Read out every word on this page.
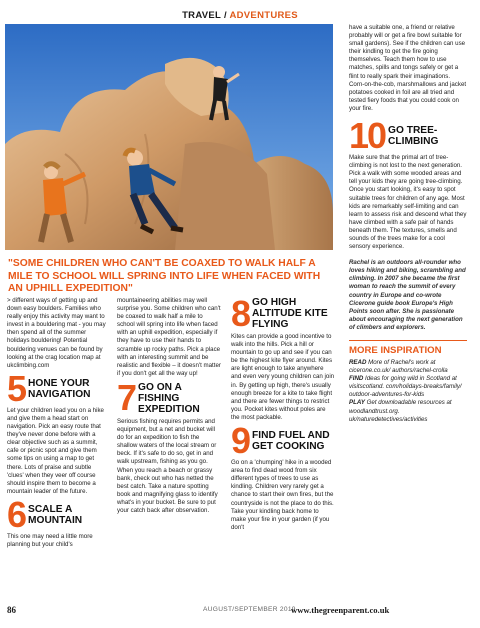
TRAVEL / ADVENTURES
"SOME CHILDREN WHO CAN'T BE COAXED TO WALK HALF A MILE TO SCHOOL WILL SPRING INTO LIFE WHEN FACED WITH AN UPHILL EXPEDITION"

> different ways of getting up and down easy boulders. Families who really enjoy this activity may want to invest in a bouldering mat - you may then spend all of the summer holidays bouldering! Potential bouldering venues can be found by looking at the crag location map at ukclimbing.com

5 HONE YOUR NAVIGATION

Let your children lead you on a hike and give them a head start on navigation. Pick an easy route that they've never done before with a clear objective such as a summit, cafe or picnic spot and give them some tips on using a map to get there. Lots of praise and subtle 'clues' when they veer off course should inspire them to become a mountain leader of the future.

6 SCALE A MOUNTAIN

This one may need a little more planning but your child's

mountaineering abilities may well surprise you. Some children who can't be coaxed to walk half a mile to school will spring into life when faced with an uphill expedition, especially if they have to use their hands to scramble up rocky paths. Pick a place with an interesting summit and be realistic and flexible – it doesn't matter if you don't get all the way up!

7 GO ON A FISHING EXPEDITION

Serious fishing requires permits and equipment, but a net and bucket will do for an expedition to fish the shallow waters of the local stream or beck. If it's safe to do so, get in and walk upstream, fishing as you go. When you reach a beach or grassy bank, check out who has netted the best catch. Take a nature spotting book and magnifying glass to identify what's in your bucket. Be sure to put your catch back after observation.

8 GO HIGH ALTITUDE KITE FLYING

Kites can provide a good incentive to walk into the hills. Pick a hill or mountain to go up and see if you can be the highest kite flyer around. Kites are light enough to take anywhere and even very young children can join in. By getting up high, there's usually enough breeze for a kite to take flight and there are fewer things to restrict you. Pocket kites without poles are the most packable.

9 FIND FUEL AND GET COOKING

Go on a 'chumping' hike in a wooded area to find dead wood from six different types of trees to use as kindling. Children very rarely get a chance to start their own fires, but the countryside is not the place to do this. Take your kindling back home to make your fire in your garden (if you don't

have a suitable one, a friend or relative probably will or get a fire bowl suitable for small gardens). See if the children can use their kindling to get the fire going themselves. Teach them how to use matches, spills and tongs safely or get a flint to really spark their imaginations. Corn-on-the-cob, marshmallows and jacket potatoes cooked in foil are all tried and tested fiery foods that you could cook on your fire.

10 GO TREE-CLIMBING

Make sure that the primal art of tree-climbing is not lost to the next generation. Pick a walk with some wooded areas and tell your kids they are going tree-climbing. Once you start looking, it's easy to spot suitable trees for children of any age. Most kids are remarkably self-limiting and can learn to assess risk and descend what they have climbed with a safe pair of hands beneath them. The textures, smells and sounds of the trees make for a cool sensory experience.

Rachel is an outdoors all-rounder who loves hiking and biking, scrambling and climbing. In 2007 she became the first woman to reach the summit of every country in Europe and co-wrote Cicerone guide book Europe's High Points soon after. She is passionate about encouraging the next generation of climbers and explorers.

MORE INSPIRATION

READ More of Rachel's work at cicerone.co.uk/ authors/rachel-crolla

FIND Ideas for going wild in Scotland at visitscotland. com/holidays-breaks/family/ outdoor-adventures-for-kids

PLAY Get downloadable resources at woodlandtrust.org. uk/naturedetectives/activities

86	AUGUST/SEPTEMBER 2019
www.thegreenparent.co.uk
